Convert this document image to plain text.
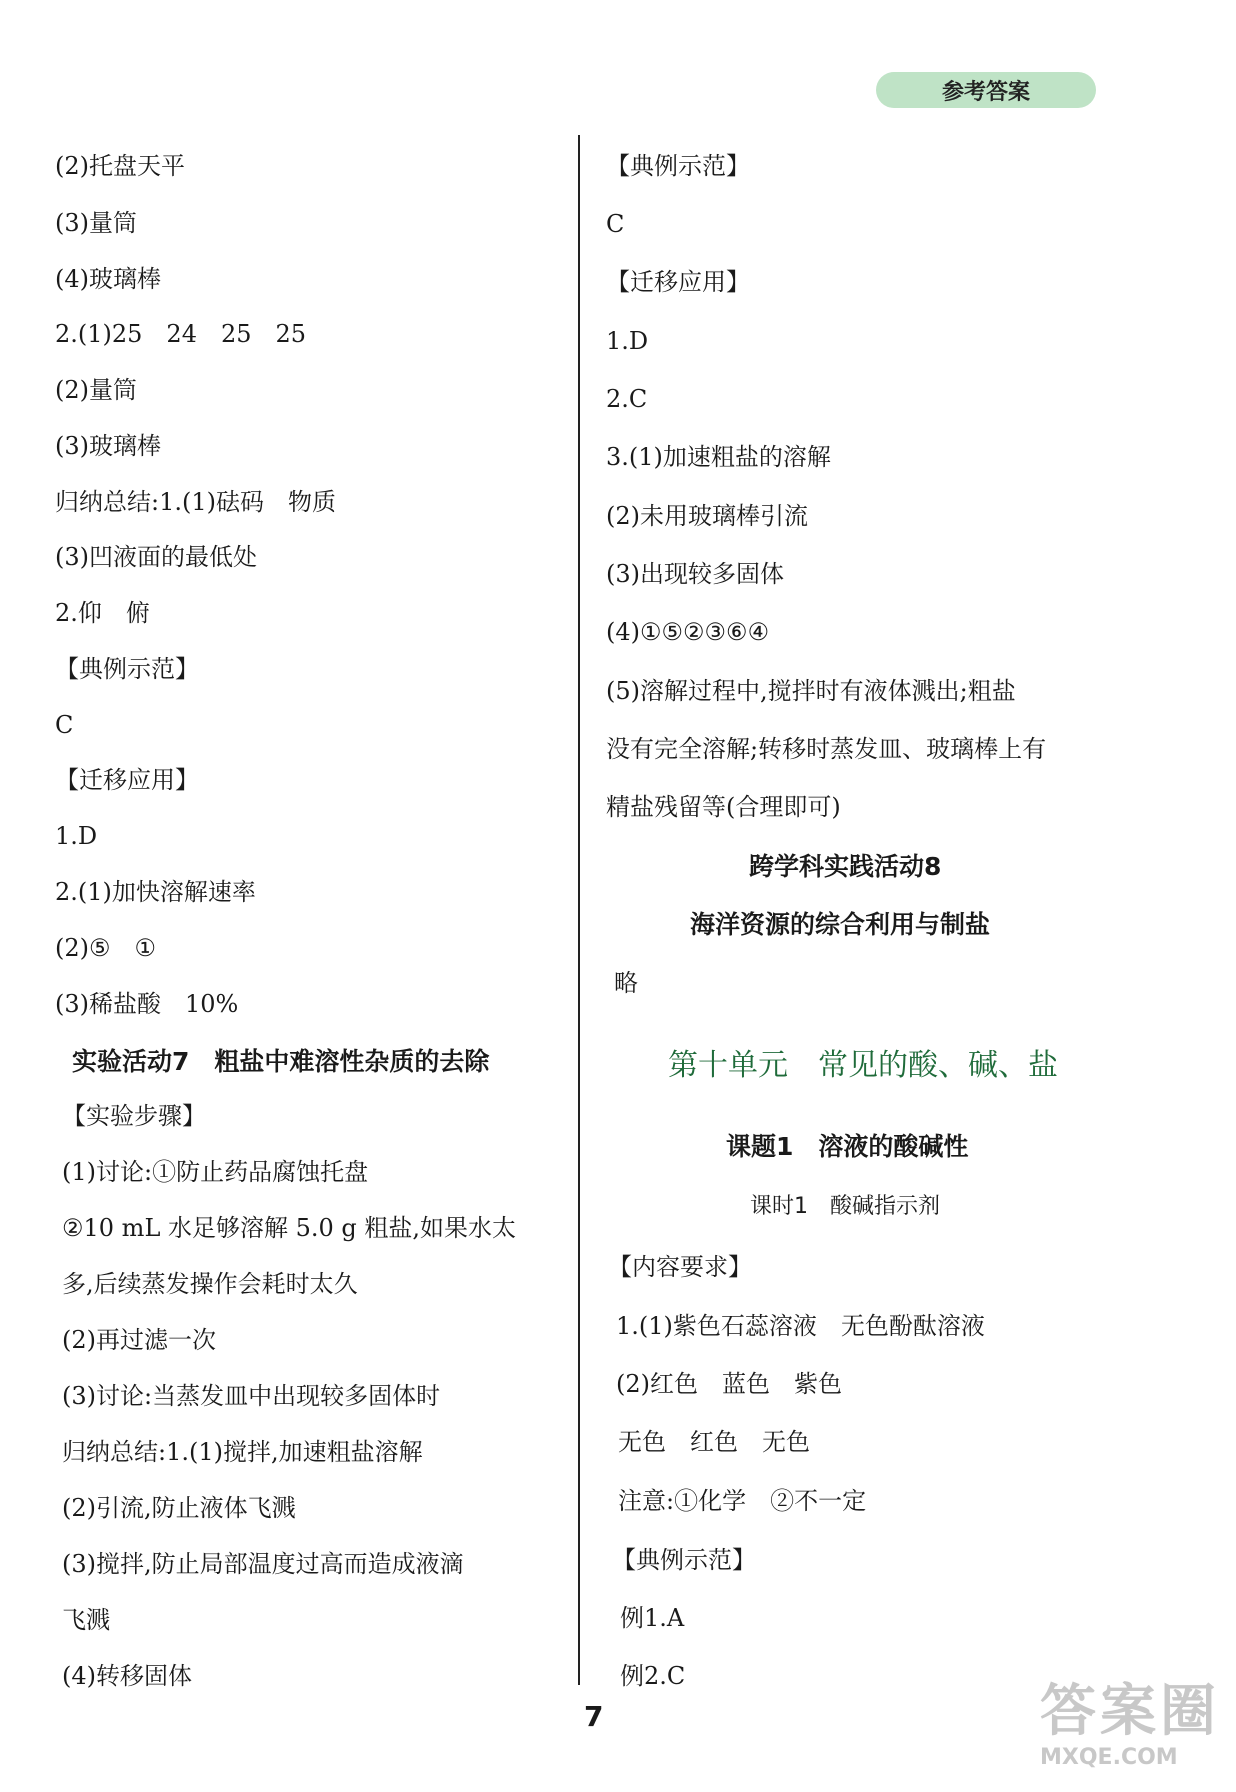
参考答案
(2)托盘天平
(3)量筒
(4)玻璃棒
2.(1)25　24　25　25
(2)量筒
(3)玻璃棒
归纳总结:1.(1)砝码　物质
(3)凹液面的最低处
2.仰　俯
【典例示范】
C
【迁移应用】
1.D
2.(1)加快溶解速率
(2)⑤　①
(3)稀盐酸　10%
实验活动7　粗盐中难溶性杂质的去除
【实验步骤】
(1)讨论:①防止药品腐蚀托盘
②10 mL 水足够溶解 5.0 g 粗盐,如果水太
多,后续蒸发操作会耗时太久
(2)再过滤一次
(3)讨论:当蒸发皿中出现较多固体时
归纳总结:1.(1)搅拌,加速粗盐溶解
(2)引流,防止液体飞溅
(3)搅拌,防止局部温度过高而造成液滴
飞溅
(4)转移固体
【典例示范】
C
【迁移应用】
1.D
2.C
3.(1)加速粗盐的溶解
(2)未用玻璃棒引流
(3)出现较多固体
(4)①⑤②③⑥④
(5)溶解过程中,搅拌时有液体溅出;粗盐
没有完全溶解;转移时蒸发皿、玻璃棒上有
精盐残留等(合理即可)
跨学科实践活动8
海洋资源的综合利用与制盐
略
第十单元　常见的酸、碱、盐
课题1　溶液的酸碱性
课时1　酸碱指示剂
【内容要求】
1.(1)紫色石蕊溶液　无色酚酞溶液
(2)红色　蓝色　紫色
无色　红色　无色
注意:①化学　②不一定
【典例示范】
例1.A
例2.C
7	答案圈
MXQE.COM
